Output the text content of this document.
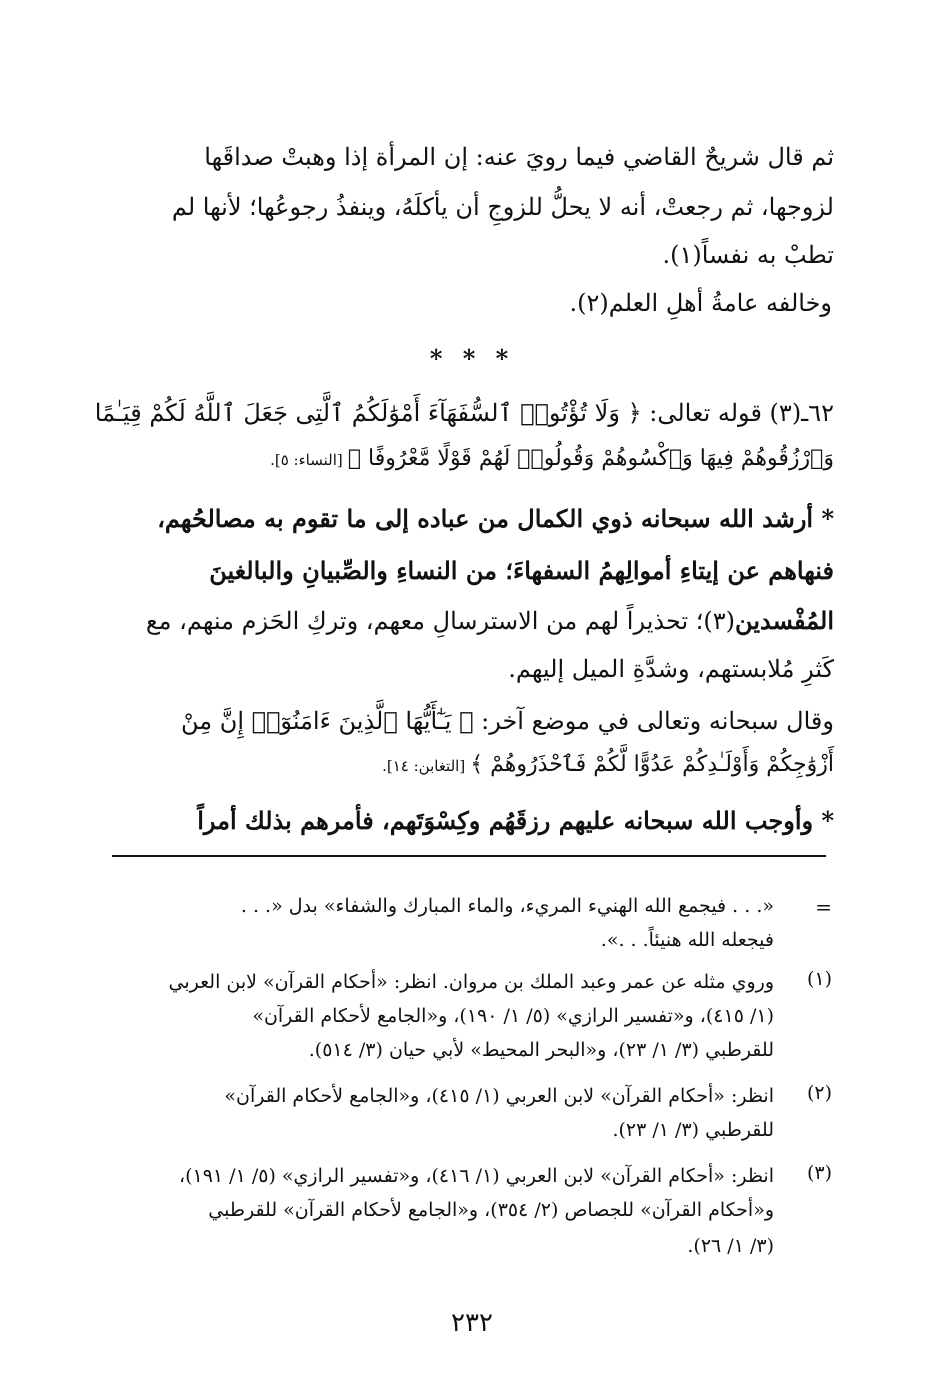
ثم قال شريحٌ القاضي فيما رويَ عنه: إن المرأة إذا وهبتْ صداقَها
لزوجها، ثم رجعتْ، أنه لا يحلُّ للزوجِ أن يأكلَهُ، وينفذُ رجوعُها؛ لأنها لم
تطبْ به نفساً(١).
وخالفه عامةُ أهلِ العلم(٢).
* * *
٦٢ـ(٣) قوله تعالى: ﴿ وَلَا تُؤْتُوا۟ ٱلسُّفَهَآءَ أَمْوَٰلَكُمُ ٱلَّتِى جَعَلَ ٱللَّهُ لَكُمْ قِيَـٰمًا
وَٱرْزُقُوهُمْ فِيهَا وَٱكْسُوهُمْ وَقُولُوا۟ لَهُمْ قَوْلًا مَّعْرُوفًا ﴾ [النساء: ٥].
* أرشد الله سبحانه ذوي الكمال من عباده إلى ما تقوم به مصالحُهم،
فنهاهم عن إيتاءِ أموالِهمُ السفهاءَ؛ من النساءِ والصِّبيانِ والبالغينَ
المُفْسدين(٣)؛ تحذيراً لهم من الاسترسالِ معهم، وتركِ الحَزم منهم، مع
كَثرِ مُلابستهم، وشدَّةِ الميل إليهم.
وقال سبحانه وتعالى في موضع آخر: ﴿ يَـٰٓأَيُّهَا ٱلَّذِينَ ءَامَنُوٓا۟ إِنَّ مِنْ
أَزْوَٰجِكُمْ وَأَوْلَـٰدِكُمْ عَدُوًّا لَّكُمْ فَٱحْذَرُوهُمْ ﴾ [التغابن: ١٤].
* وأوجب الله سبحانه عليهم رزقَهُم وكِسْوَتَهم، فأمرهم بذلك أمراً
=
«. . . فيجمع الله الهنيء المريء، والماء المبارك والشفاء» بدل «. . .
فيجعله الله هنيئاً. . .».
(١)
وروي مثله عن عمر وعبد الملك بن مروان. انظر: «أحكام القرآن» لابن العربي
(١/ ٤١٥)، و«تفسير الرازي» (٥/ ١/ ١٩٠)، و«الجامع لأحكام القرآن»
للقرطبي (٣/ ١/ ٢٣)، و«البحر المحيط» لأبي حيان (٣/ ٥١٤).
(٢)
انظر: «أحكام القرآن» لابن العربي (١/ ٤١٥)، و«الجامع لأحكام القرآن»
للقرطبي (٣/ ١/ ٢٣).
(٣)
انظر: «أحكام القرآن» لابن العربي (١/ ٤١٦)، و«تفسير الرازي» (٥/ ١/ ١٩١)،
و«أحكام القرآن» للجصاص (٢/ ٣٥٤)، و«الجامع لأحكام القرآن» للقرطبي
(٣/ ١/ ٢٦).
٢٣٢
